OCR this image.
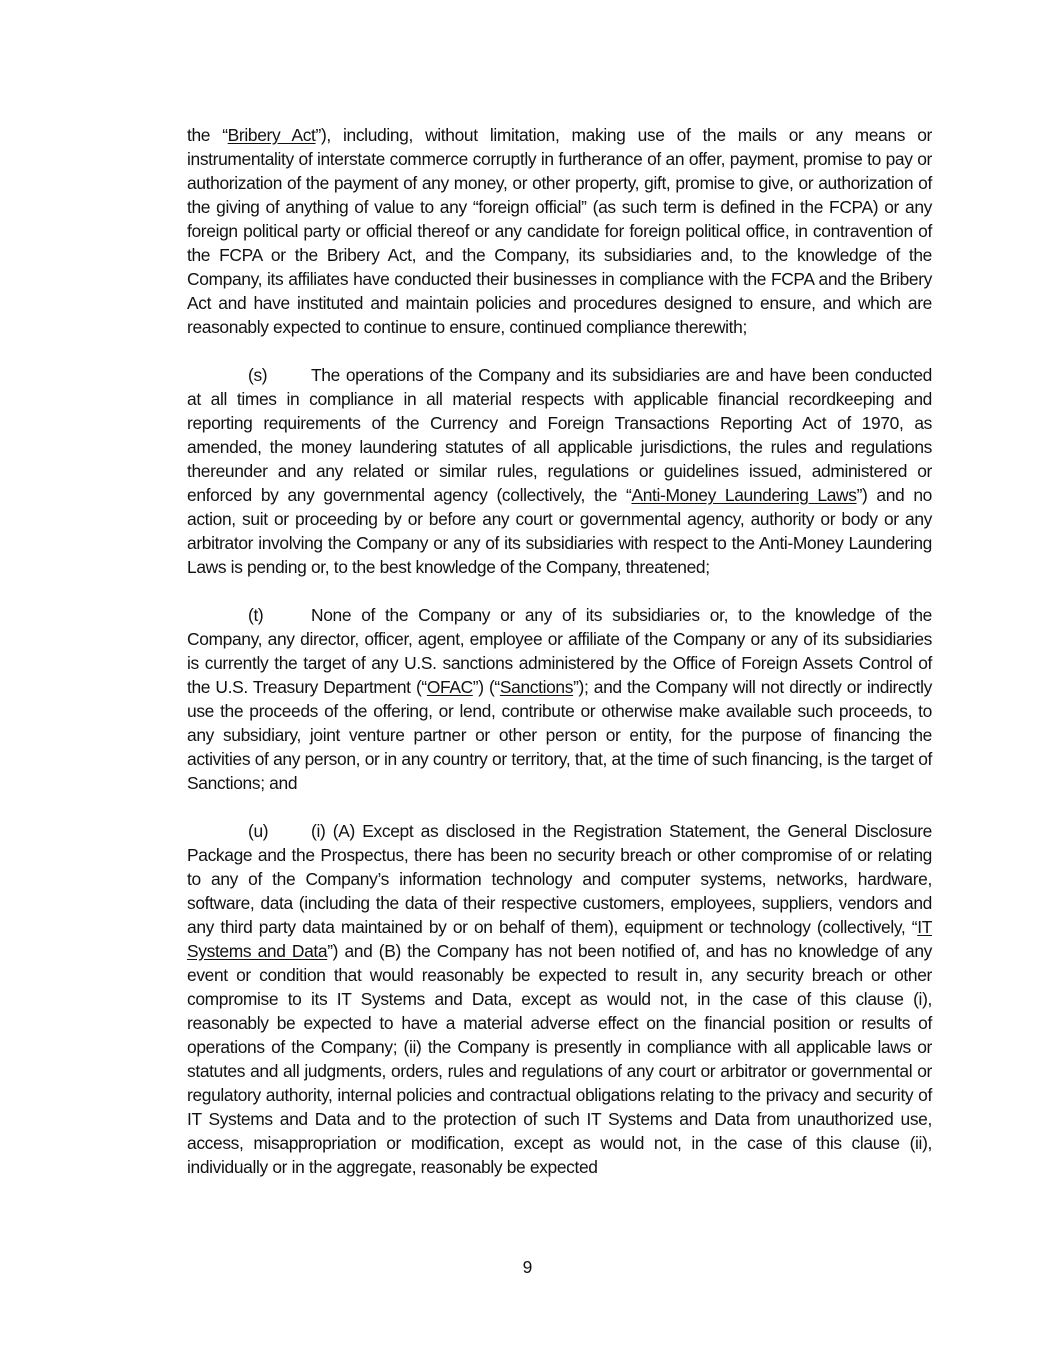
the “Bribery Act”), including, without limitation, making use of the mails or any means or instrumentality of interstate commerce corruptly in furtherance of an offer, payment, promise to pay or authorization of the payment of any money, or other property, gift, promise to give, or authorization of the giving of anything of value to any “foreign official” (as such term is defined in the FCPA) or any foreign political party or official thereof or any candidate for foreign political office, in contravention of the FCPA or the Bribery Act, and the Company, its subsidiaries and, to the knowledge of the Company, its affiliates have conducted their businesses in compliance with the FCPA and the Bribery Act and have instituted and maintain policies and procedures designed to ensure, and which are reasonably expected to continue to ensure, continued compliance therewith;

(s)	The operations of the Company and its subsidiaries are and have been conducted at all times in compliance in all material respects with applicable financial recordkeeping and reporting requirements of the Currency and Foreign Transactions Reporting Act of 1970, as amended, the money laundering statutes of all applicable jurisdictions, the rules and regulations thereunder and any related or similar rules, regulations or guidelines issued, administered or enforced by any governmental agency (collectively, the “Anti-Money Laundering Laws”) and no action, suit or proceeding by or before any court or governmental agency, authority or body or any arbitrator involving the Company or any of its subsidiaries with respect to the Anti-Money Laundering Laws is pending or, to the best knowledge of the Company, threatened;

(t)	None of the Company or any of its subsidiaries or, to the knowledge of the Company, any director, officer, agent, employee or affiliate of the Company or any of its subsidiaries is currently the target of any U.S. sanctions administered by the Office of Foreign Assets Control of the U.S. Treasury Department (“OFAC”) (“Sanctions”); and the Company will not directly or indirectly use the proceeds of the offering, or lend, contribute or otherwise make available such proceeds, to any subsidiary, joint venture partner or other person or entity, for the purpose of financing the activities of any person, or in any country or territory, that, at the time of such financing, is the target of Sanctions; and

(u) (i) (A) Except as disclosed in the Registration Statement, the General Disclosure Package and the Prospectus, there has been no security breach or other compromise of or relating to any of the Company’s information technology and computer systems, networks, hardware, software, data (including the data of their respective customers, employees, suppliers, vendors and any third party data maintained by or on behalf of them), equipment or technology (collectively, “IT Systems and Data”) and (B) the Company has not been notified of, and has no knowledge of any event or condition that would reasonably be expected to result in, any security breach or other compromise to its IT Systems and Data, except as would not, in the case of this clause (i), reasonably be expected to have a material adverse effect on the financial position or results of operations of the Company; (ii) the Company is presently in compliance with all applicable laws or statutes and all judgments, orders, rules and regulations of any court or arbitrator or governmental or regulatory authority, internal policies and contractual obligations relating to the privacy and security of IT Systems and Data and to the protection of such IT Systems and Data from unauthorized use, access, misappropriation or modification, except as would not, in the case of this clause (ii), individually or in the aggregate, reasonably be expected

9
